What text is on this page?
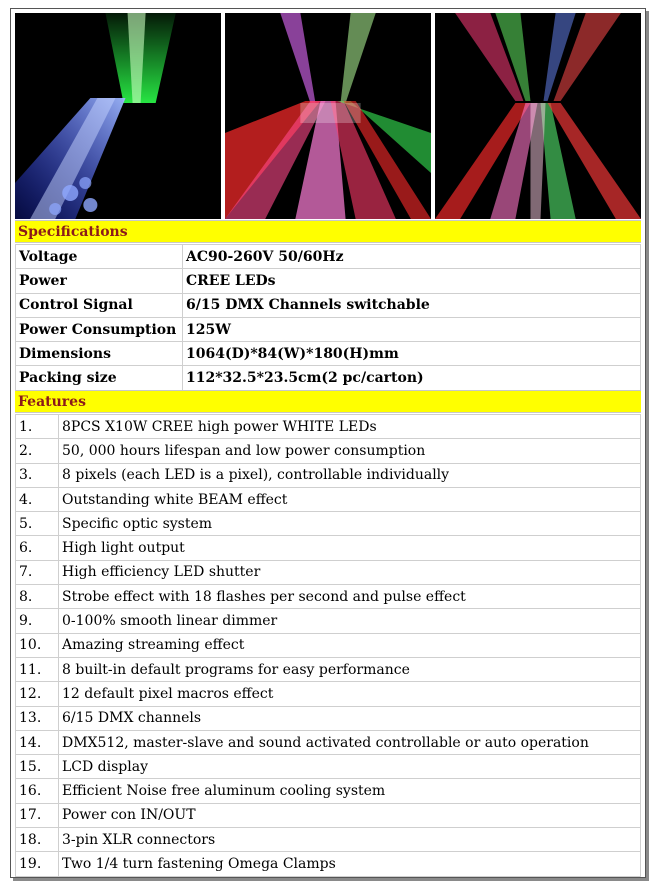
Specifications
Voltage	AC90-260V 50/60Hz
Power	CREE LEDs
Control Signal	6/15 DMX Channels switchable
Power Consumption	125W
Dimensions	1064(D)*84(W)*180(H)mm
Packing size	112*32.5*23.5cm(2 pc/carton)
Features
1.	8PCS X10W CREE high power WHITE LEDs
2.	50, 000 hours lifespan and low power consumption
3.	8 pixels (each LED is a pixel), controllable individually
4.	Outstanding white BEAM effect
5.	Specific optic system
6.	High light output
7.	High efficiency LED shutter
8.	Strobe effect with 18 flashes per second and pulse effect
9.	0-100% smooth linear dimmer
10.	Amazing streaming effect
11.	8 built-in default programs for easy performance
12.	12 default pixel macros effect
13.	6/15 DMX channels
14.	DMX512, master-slave and sound activated controllable or auto operation
15.	LCD display
16.	Efficient Noise free aluminum cooling system
17.	Power con IN/OUT
18.	3-pin XLR connectors
19.	Two 1/4 turn fastening Omega Clamps
